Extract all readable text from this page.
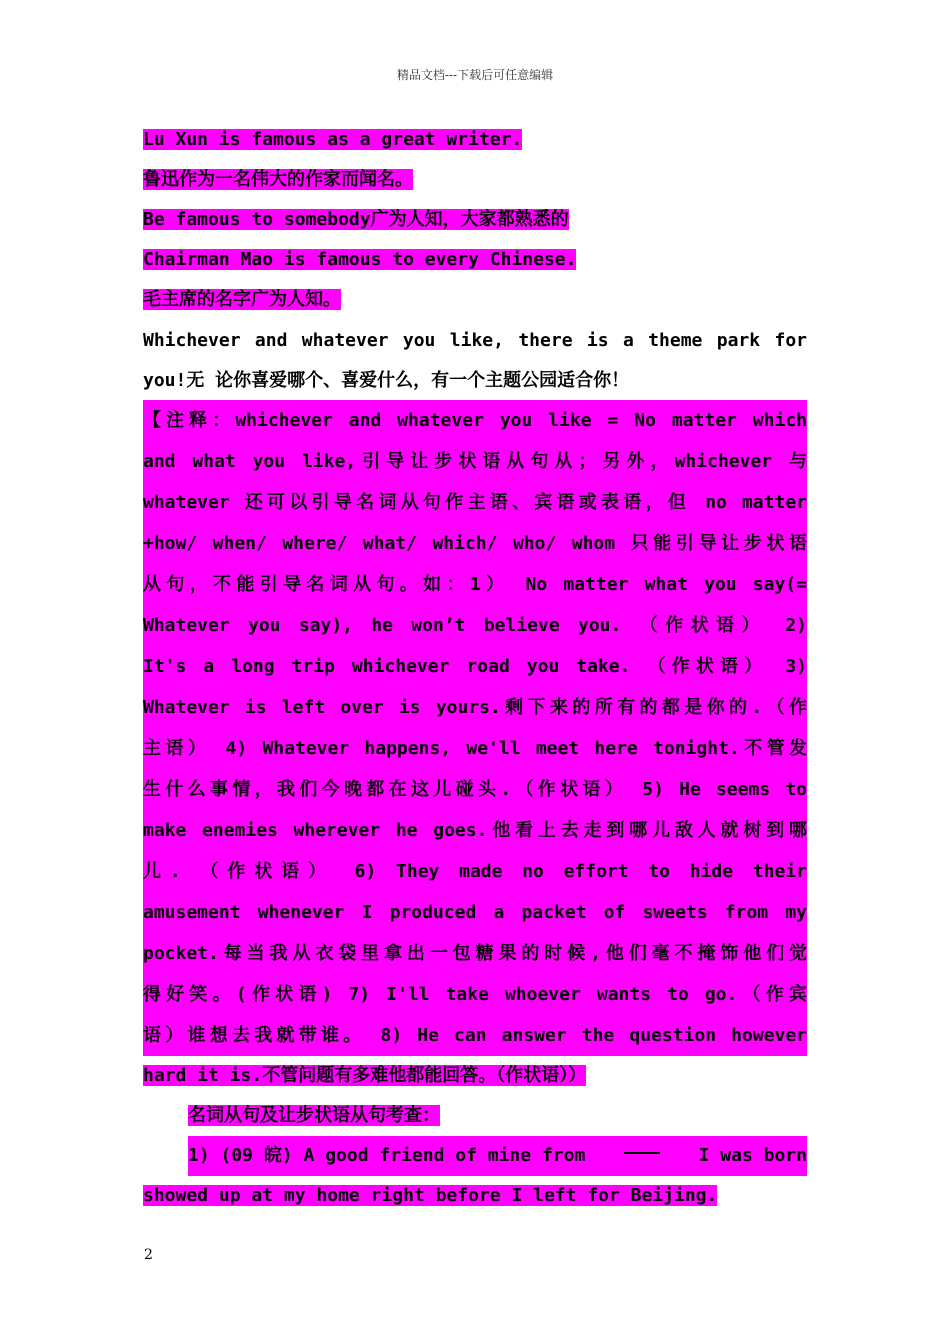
精品文档---下载后可任意编辑
Lu Xun is famous as a great writer.
鲁迅作为一名伟大的作家而闻名。
Be famous to somebody广为人知，大家都熟悉的
Chairman Mao is famous to every Chinese.
毛主席的名字广为人知。
Whichever and whatever you like, there is a theme park for
you!无 论你喜爱哪个、喜爱什么，有一个主题公园适合你！
【注释：whichever and whatever you like = No matter which
and what you like,引导让步状语从句从；另外，whichever 与
whatever 还可以引导名词从句作主语、宾语或表语，但 no matter
+how/ when/ where/ what/ which/ who/ whom 只能引导让步状语
从句，不能引导名词从句。如：1） No matter what you say(=
Whatever you say), he won’t believe you. （作状语） 2)
It's a long trip whichever road you take. （作状语） 3)
Whatever is left over is yours.剩下来的所有的都是你的.（作
主语） 4) Whatever happens, we'll meet here tonight.不管发
生什么事情，我们今晚都在这儿碰头.（作状语） 5) He seems to
make enemies wherever he goes.他看上去走到哪儿敌人就树到哪
儿. （作状语） 6) They made no effort to hide their
amusement whenever I produced a packet of sweets from my
pocket.每当我从衣袋里拿出一包糖果的时候,他们毫不掩饰他们觉
得好笑。(作状语) 7) I'll take whoever wants to go.（作宾
语）谁想去我就带谁。 8) He can answer the question however
hard it is.不管问题有多难他都能回答。（作状语））
名词从句及让步状语从句考查：
1) (09 皖) A good friend of mine from	I was born
showed up at my home right before I left for Beijing.
2
